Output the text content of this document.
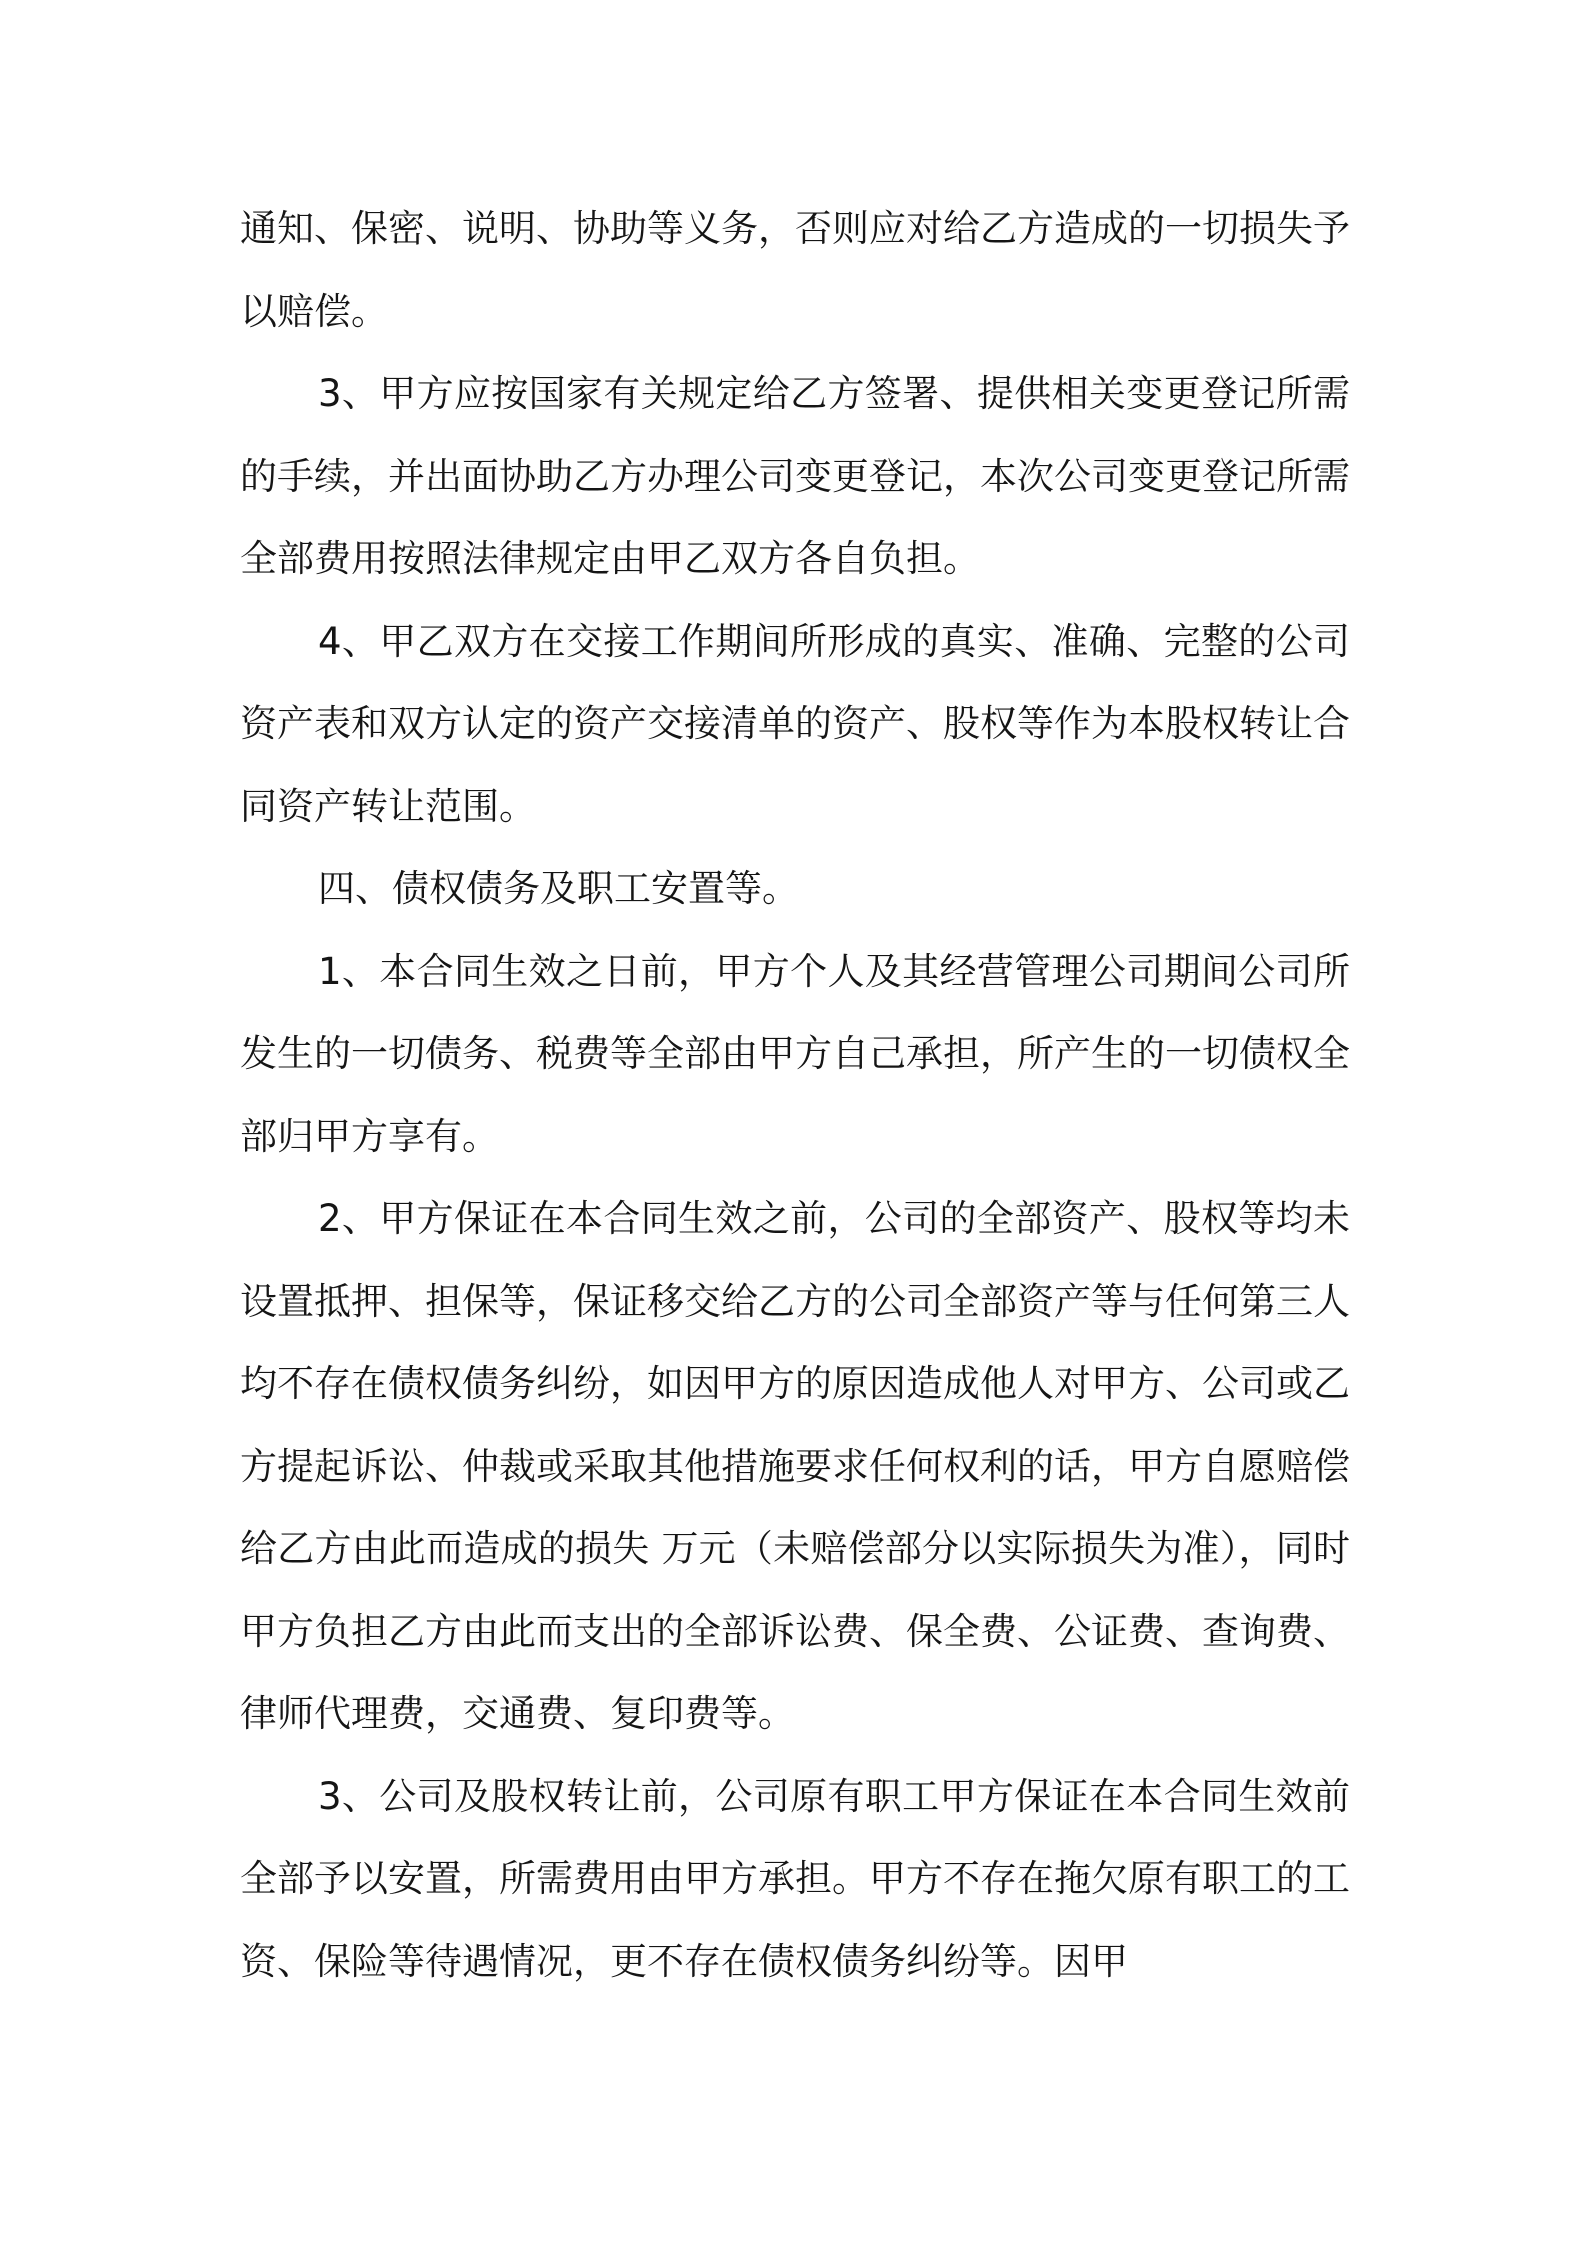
通知、保密、说明、协助等义务，否则应对给乙方造成的一切损失予以赔偿。

3、甲方应按国家有关规定给乙方签署、提供相关变更登记所需的手续，并出面协助乙方办理公司变更登记，本次公司变更登记所需全部费用按照法律规定由甲乙双方各自负担。

4、甲乙双方在交接工作期间所形成的真实、准确、完整的公司资产表和双方认定的资产交接清单的资产、股权等作为本股权转让合同资产转让范围。

四、债权债务及职工安置等。

1、本合同生效之日前，甲方个人及其经营管理公司期间公司所发生的一切债务、税费等全部由甲方自己承担，所产生的一切债权全部归甲方享有。

2、甲方保证在本合同生效之前，公司的全部资产、股权等均未设置抵押、担保等，保证移交给乙方的公司全部资产等与任何第三人均不存在债权债务纠纷，如因甲方的原因造成他人对甲方、公司或乙方提起诉讼、仲裁或采取其他措施要求任何权利的话，甲方自愿赔偿给乙方由此而造成的损失 万元（未赔偿部分以实际损失为准），同时甲方负担乙方由此而支出的全部诉讼费、保全费、公证费、查询费、律师代理费，交通费、复印费等。

3、公司及股权转让前，公司原有职工甲方保证在本合同生效前全部予以安置，所需费用由甲方承担。甲方不存在拖欠原有职工的工资、保险等待遇情况，更不存在债权债务纠纷等。因甲
